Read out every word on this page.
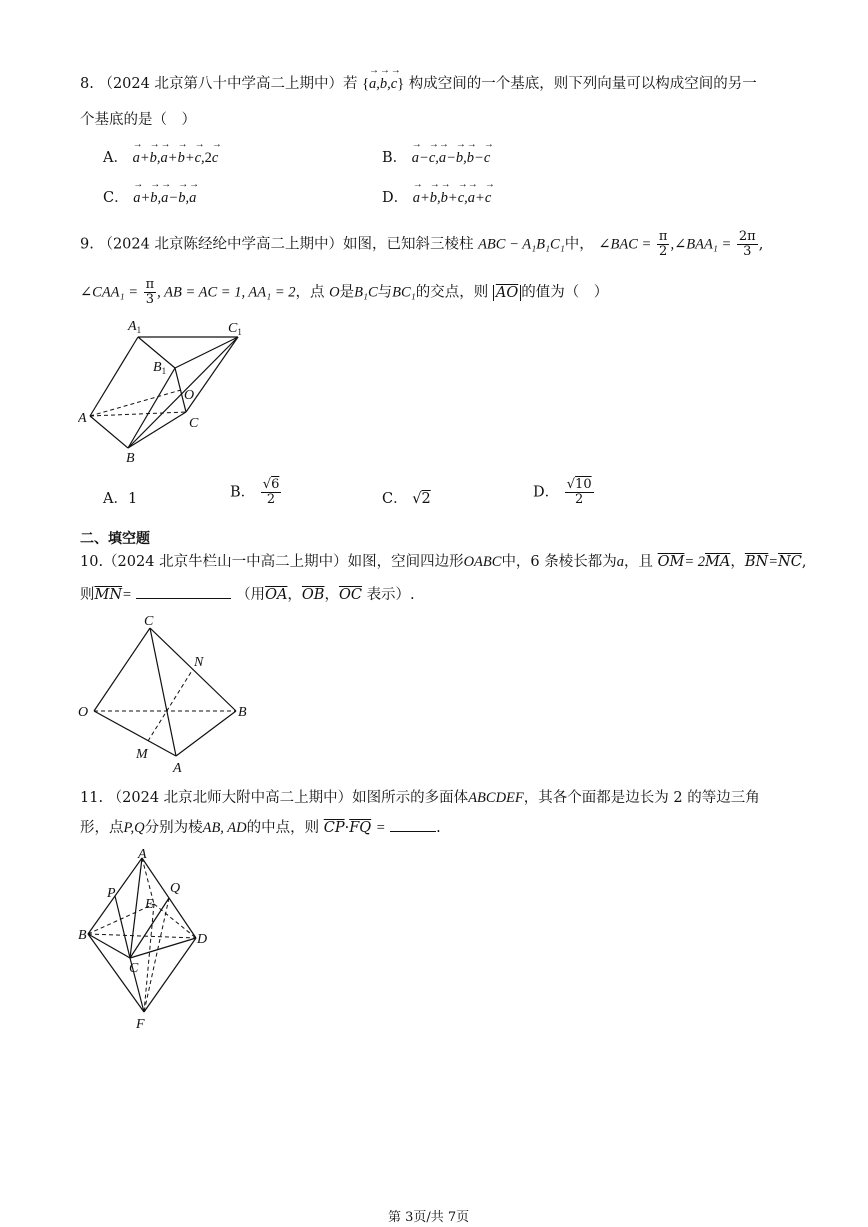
8. （2024 北京第八十中学高二上期中）若 {→ a,→ b,→ c} 构成空间的一个基底，则下列向量可以构成空间的另一
个基底的是（　）
A． → a+→ b,→ a+→ b+→ c,2→ c	B． → a−→ c,→ a−→ b,→ b−→ c
C． → a+→ b,→ a−→ b,→ a	D． → a+→ b,→ b+→ c,→ a+→ c
9. （2024 北京陈经纶中学高二上期中）如图，已知斜三棱柱 ABC − A₁B₁C₁中， ∠BAC = $\frac{\pi}{2}$ ,∠BAA₁ = $\frac{2\pi}{3}$ ,
∠CAA₁ = $\frac{\pi}{3}$ , AB = AC = 1, AA₁ = 2，点 O是B₁C与BC₁的交点，则 $\overline{AO}$ 的值为（　）
$A_1$	$C_1$
$B_1$
O
A	C
B
A．1	B． $\frac{√6}{2}$	C． √2	D． $\frac{√10}{2}$
二、填空题
10.（2024 北京牛栏山一中高二上期中）如图，空间四边形OABC中，6 条棱长都为a，且 $\overline{OM}= 2\overline{MA}$，$\overline{BN}=\overline{NC}$,
则$\overline{MN}=$	（用$\overline{OA}$，$\overline{OB}$，$\overline{OC}$ 表示）.
C
N
O	B
M
A
11. （2024 北京北师大附中高二上期中）如图所示的多面体ABCDEF，其各个面都是边长为 2 的等边三角
形，点P,Q分别为棱AB, AD的中点，则 $\overline{CP}\cdot\overline{FQ}$ =	.
A
P	Q
E
B	D
C
F
第 3页/共 7页
